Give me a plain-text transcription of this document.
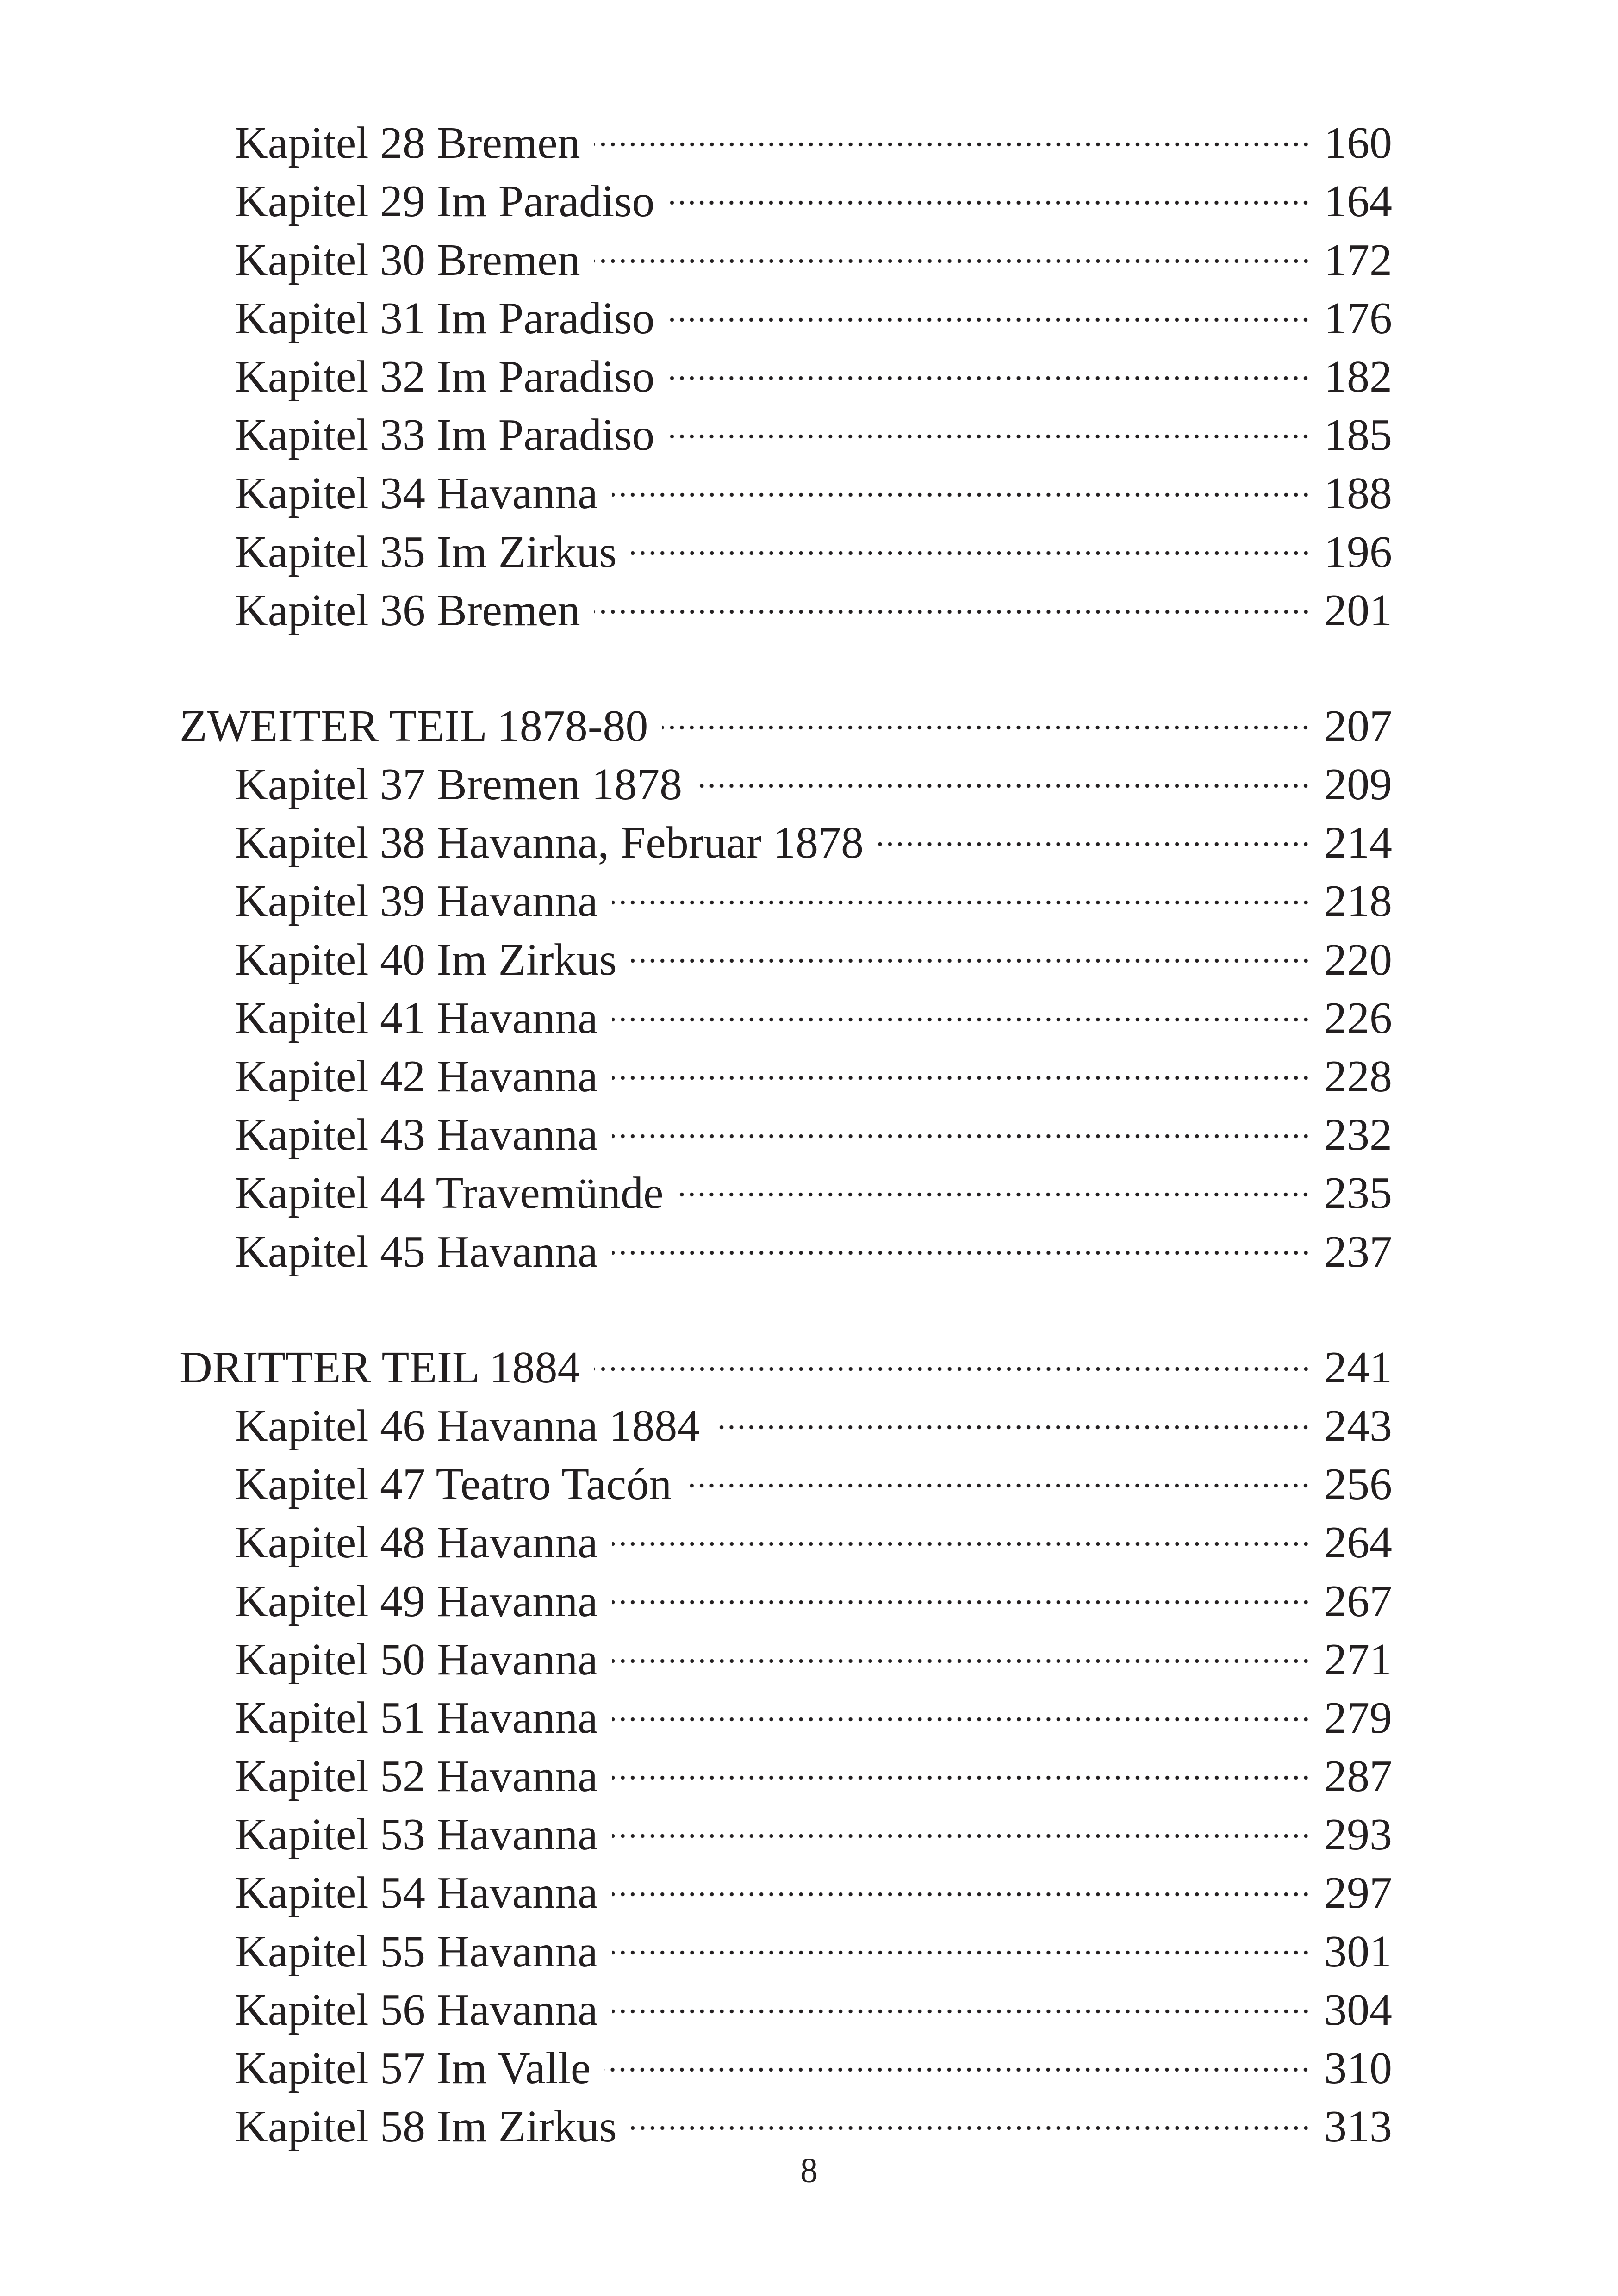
Kapitel 28 Bremen	160
Kapitel 29 Im Paradiso	164
Kapitel 30 Bremen	172
Kapitel 31 Im Paradiso	176
Kapitel 32 Im Paradiso	182
Kapitel 33 Im Paradiso	185
Kapitel 34 Havanna	188
Kapitel 35 Im Zirkus	196
Kapitel 36 Bremen	201
ZWEITER TEIL 1878-80	207
Kapitel 37 Bremen 1878	209
Kapitel 38 Havanna, Februar 1878	214
Kapitel 39 Havanna	218
Kapitel 40 Im Zirkus	220
Kapitel 41 Havanna	226
Kapitel 42 Havanna	228
Kapitel 43 Havanna	232
Kapitel 44 Travemünde	235
Kapitel 45 Havanna	237
DRITTER TEIL 1884	241
Kapitel 46 Havanna 1884	243
Kapitel 47 Teatro Tacón	256
Kapitel 48 Havanna	264
Kapitel 49 Havanna	267
Kapitel 50 Havanna	271
Kapitel 51 Havanna	279
Kapitel 52 Havanna	287
Kapitel 53 Havanna	293
Kapitel 54 Havanna	297
Kapitel 55 Havanna	301
Kapitel 56 Havanna	304
Kapitel 57 Im Valle	310
Kapitel 58 Im Zirkus	313
8
